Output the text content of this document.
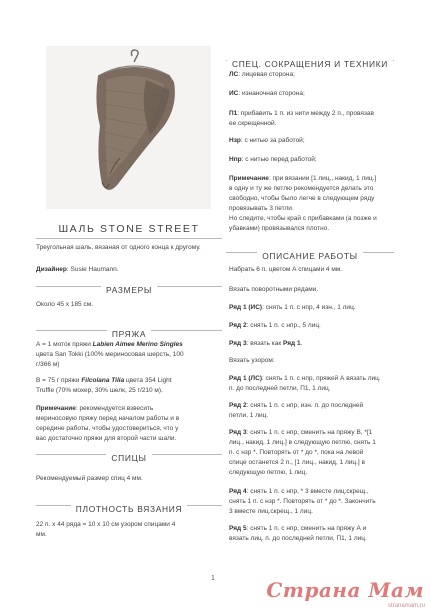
ШАЛЬ STONE STREET
Треугольная шаль, вязаная от одного конца к другому.
Дизайнер: Susie Haumann.
РАЗМЕРЫ
Около 45 х 185 см.
ПРЯЖА
А = 1 моток пряжи Labien Aimee Merino Singles
цвета San Tokki (100% мериносовая шерсть, 100
г/366 м)
В = 75 г пряжи Filcolana Tilia цвета 354 Light
Truffle (70% мохер, 30% шелк, 25 г/210 м).
Примечание: рекомендуется взвесить
мериносовую пряжу перед началом работы и в
середине работы, чтобы удостовериться, что у
вас достаточно пряжи для второй части шали.
СПИЦЫ
Рекомендуемый размер спиц 4 мм.
ПЛОТНОСТЬ ВЯЗАНИЯ
22 п. х 44 ряда = 10 х 10 см узором спицами 4
мм.
СПЕЦ. СОКРАЩЕНИЯ И ТЕХНИКИ
ЛС: лицевая сторона;
ИС: изнаночная сторона;
П1: прибавить 1 п. из нити между 2 п., провязав
ее скрещенной.
Нзр: с нитью за работой;
Нпр: с нитью перед работой;
Примечание: при вязании [1 лиц., накид, 1 лиц.]
в одну и ту же петлю рекомендуется делать это
свободно, чтобы было легче в следующем ряду
провязывать 3 петли.
Но следите, чтобы край с прибавками (а позже и
убавками) провязывался плотно.
ОПИСАНИЕ РАБОТЫ
Набрать 6 п. цветом А спицами 4 мм.
Вязать поворотными рядами.
Ряд 1 (ИС): снять 1 п. с нпр, 4 изн., 1 лиц.
Ряд 2: снять 1 п. с нпр., 5 лиц.
Ряд 3: вязать как Ряд 1.
Вязать узором:
Ряд 1 (ЛС): снять 1 п. с нпр, пряжей А вязать лиц.
п. до последней петли, П1, 1 лиц.
Ряд 2: снять 1 п. с нпр, изн. п. до последней
петли, 1 лиц.
Ряд 3: снять 1 п. с нпр, сменить на пряжу В, *[1
лиц., накид, 1 лиц.] в следующую петлю, снять 1
п. с нзр *. Повторять от * до *, пока на левой
спице останется 2 п., [1 лиц., накид, 1 лиц.] в
следующую петлю, 1 лиц.
Ряд 4: снять 1 п. с нпр, * 3 вместе лиц.скрещ.,
снять 1 п. с нзр *. Повторять от * до *. Закончить
3 вместе лиц.скрещ., 1 лиц.
Ряд 5: снять 1 п. с нпр, сменить на пряжу А и
вязать лиц. п. до последней петли, П1, 1 лиц.
1	Страна Мам
stranamam.ru
